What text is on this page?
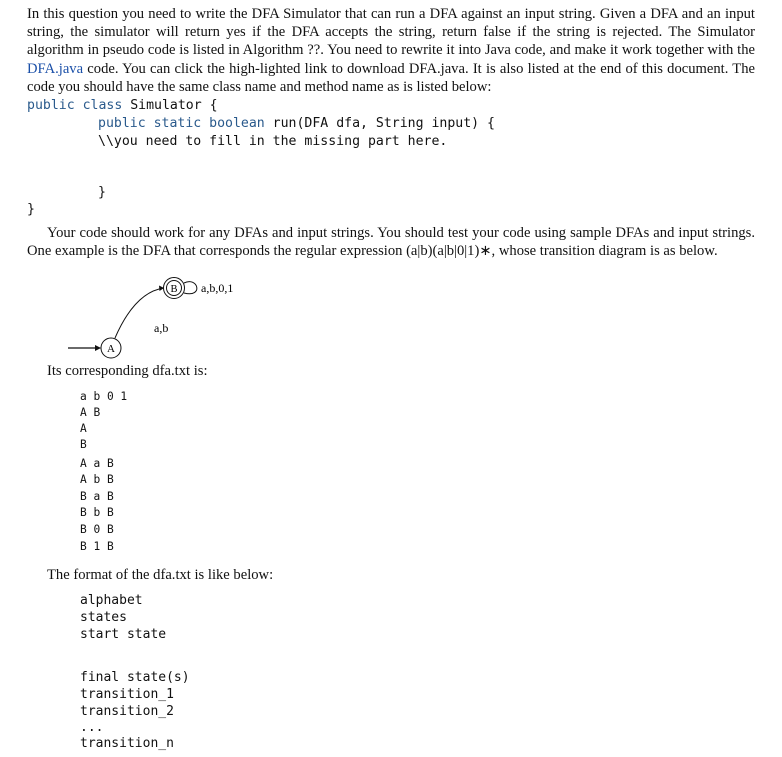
In this question you need to write the DFA Simulator that can run a DFA against an input string. Given a DFA and an input string, the simulator will return yes if the DFA accepts the string, return false if the string is rejected. The Simulator algorithm in pseudo code is listed in Algorithm ??. You need to rewrite it into Java code, and make it work together with the DFA.java code. You can click the high-lighted link to download DFA.java. It is also listed at the end of this document. The code you should have the same class name and method name as is listed below:

public class Simulator {
public static boolean run(DFA dfa, String input) {
\\you need to fill in the missing part here.
}
}

Your code should work for any DFAs and input strings. You should test your code using sample DFAs and input strings. One example is the DFA that corresponds the regular expression (a|b)(a|b|0|1)∗, whose transition diagram is as below.

A
a,b
B a,b,0,1

Its corresponding dfa.txt is:

a b 0 1
A B
A
B
A a B
A b B
B a B
B b B
B 0 B
B 1 B

The format of the dfa.txt is like below:

alphabet
states
start state
final state(s)
transition_1
transition_2
...
transition_n
